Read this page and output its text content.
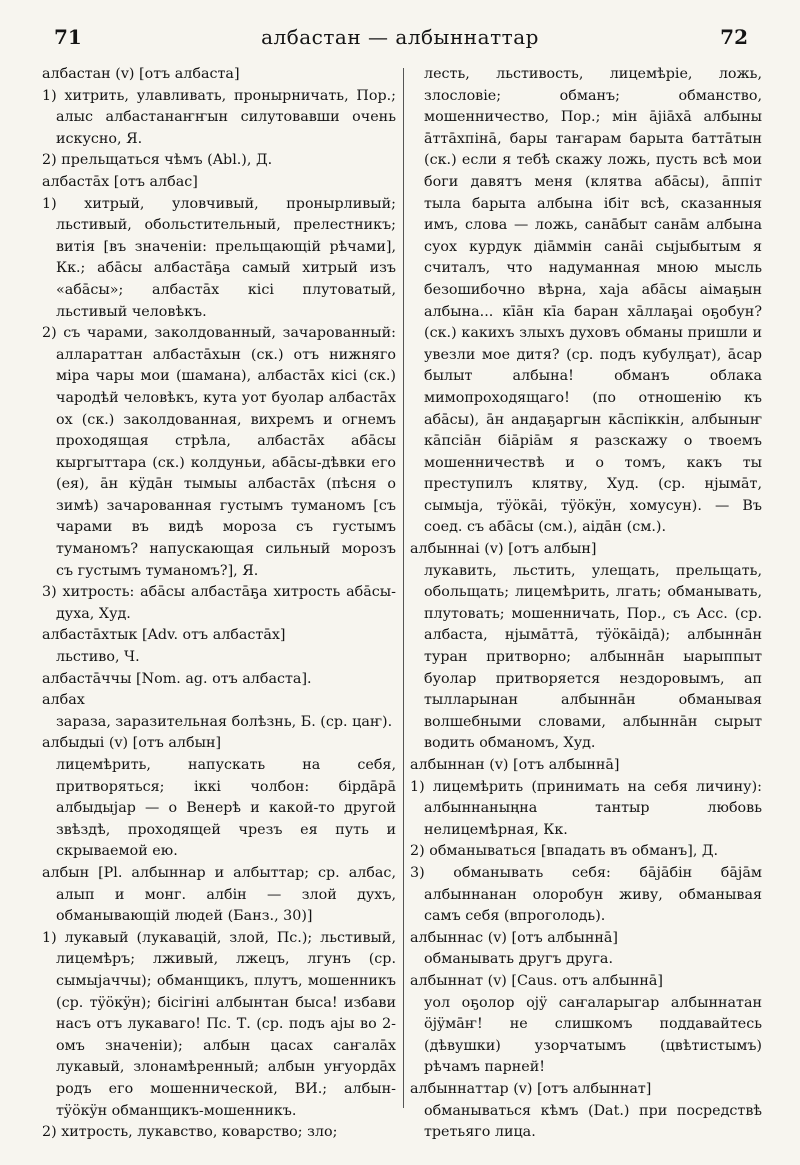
71	албастан — албыннаттар	72

албастан (v) [отъ албаста]

1) хитрить, улавливать, пронырничать, Пор.; алыс албастанаҥҥын силутовавши очень искусно, Я.

2) прельщаться чѣмъ (Abl.), Д.

албастāх [отъ албас]

1) хитрый, уловчивый, пронырливый; льстивый, обольстительный, прелестникъ; витія [въ значеніи: прельщающій рѣчами], Кк.; абāсы албастāҕа самый хитрый изъ «абāсы»; албастāх кісі плутоватый, льстивый человѣкъ.

2) съ чарами, заколдованный, зачарованный: аллараттан албастāхын (ск.) отъ нижняго міра чары мои (шамана), албастāх кісі (ск.) чародѣй человѣкъ, кута уот буолар албастāх ох (ск.) заколдованная, вихремъ и огнемъ проходящая стрѣла, албастāх абāсы кыргыттара (ск.) колдуньи, абāсы-дѣвки его (ея), āн кÿдāн тымыы албастāх (пѣсня о зимѣ) зачарованная густымъ туманомъ [съ чарами въ видѣ мороза съ густымъ туманомъ? напускающая сильный морозъ съ густымъ туманомъ?], Я.

3) хитрость: абāсы албастāҕа хитрость абāсы-духа, Худ.

албастāхтык [Adv. отъ албастāх]

льстиво, Ч.

албастāччы [Nom. ag. отъ албаста].

албах

зараза, заразительная болѣзнь, Б. (ср. цаҥ).

албыдыі (v) [отъ албын]

лицемѣрить, напускать на себя, притворяться; іккі чолбон: бірдāрā албыдыjар — о Венерѣ и какой-то другой звѣздѣ, проходящей чрезъ ея путь и скрываемой ею.

албын [Pl. албыннар и албыттар; ср. албас, алып и монг. албін — злой духъ, обманывающій людей (Банз., 30)]

1) лукавый (лукавацій, злой, Пс.); льстивый, лицемѣръ; лживый, лжецъ, лгунъ (ср. сымыjаччы); обманщикъ, плутъ, мошенникъ (ср. тÿöкÿн); бісігіні албынтан быса! избави насъ отъ лукаваго! Пс. Т. (ср. подъ аjы во 2-омъ значеніи); албын цасах саҥалāх лукавый, злонамѣренный; албын уҥуордāх родъ его мошеннической, ВИ.; албын-тÿöкÿн обманщикъ-мошенникъ.

2) хитрость, лукавство, коварство; зло;

лесть, льстивость, лицемѣріе, ложь, злословіе; обманъ; обманство, мошенничество, Пор.; мін ājiāxā албыны āттāхпінā, бары таҥарам барыта баттāтын (ск.) если я тебѣ скажу ложь, пусть всѣ мои боги давятъ меня (клятва абāсы), āппіт тыла барыта албына ібіт всѣ, сказанныя имъ, слова — ложь, санāбыт санāм албына суох курдук діāммін санāі сыjыбытым я считалъ, что надуманная мною мысль безошибочно вѣрна, хаjа абāсы аімаҕын албына... кīāн кīа баран хāллаҕаі оҕобун? (ск.) какихъ злыхъ духовъ обманы пришли и увезли мое дитя? (ср. подъ кубулҕат), āсар былыт албына! обманъ облака мимопроходящаго! (по отношенію къ абāсы), āн андаҕаргын кāспіккін, албыныҥ кāпсіāн біāріāм я разскажу о твоемъ мошенничествѣ и о томъ, какъ ты преступилъ клятву, Худ. (ср. нjымāт, сымыjа, тÿöкāі, тÿöкÿн, хомусун). — Въ соед. съ абāсы (см.), аідāн (см.).

албыннаі (v) [отъ албын]

лукавить, льстить, улещать, прельщать, обольщать; лицемѣрить, лгать; обманывать, плутовать; мошенничать, Пор., съ Acc. (ср. албаста, нjымāттā, тÿöкāiдā); албыннāн туран притворно; албыннāн ыарыппыт буолар притворяется нездоровымъ, ап тылларынан албыннāн обманывая волшебными словами, албыннāн сырыт водить обманомъ, Худ.

албыннан (v) [отъ албыннā]

1) лицемѣрить (принимать на себя личину): албыннаныңна тантыр любовь нелицемѣрная, Кк.

2) обманываться [впадать въ обманъ], Д.

3) обманывать себя: бājāбін бājāм албыннанан олоробун живу, обманывая самъ себя (впроголодь).

албыннас (v) [отъ албыннā]

обманывать другъ друга.

албыннат (v) [Caus. отъ албыннā]

уол оҕолор оjÿ саҥаларыгар албыннатан öjÿмāҥ! не слишкомъ поддавайтесь (дѣвушки) узорчатымъ (цвѣтистымъ) рѣчамъ парней!

албыннаттар (v) [отъ албыннат]

обманываться кѣмъ (Dat.) при посредствѣ третьяго лица.
